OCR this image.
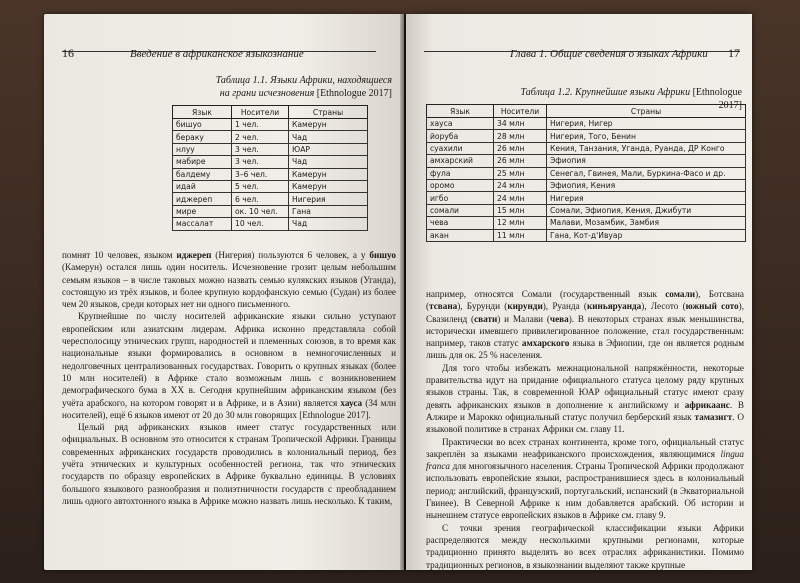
16	Введение в африканское языкознание
Таблица 1.1. Языки Африки, находящиеся
на грани исчезновения [Ethnologue 2017]
Язык	Носители	Страны
бишуо	1 чел.	Камерун
бераку	2 чел.	Чад
нлуу	3 чел.	ЮАР
мабире	3 чел.	Чад
балдему	3–6 чел.	Камерун
идай	5 чел.	Камерун
иджереп	6 чел.	Нигерия
мире	ок. 10 чел.	Гана
массалат	10 чел.	Чад

помнят 10 человек, языком иджереп (Нигерия) пользуются 6 человек, а у бишуо (Камерун) остался лишь один носитель. Исчезновение грозит целым небольшим семьям языков – в числе таковых можно назвать семью кулякских языков (Уганда), состоящую из трёх языков, и более крупную кордофанскую семью (Судан) из более чем 20 языков, среди которых нет ни одного письменного.

Крупнейшие по числу носителей африканские языки сильно уступают европейским или азиатским лидерам. Африка исконно представляла собой чересполосицу этнических групп, народностей и племенных союзов, в то время как национальные языки формировались в основном в немногочисленных и недолговечных централизованных государствах. Говорить о крупных языках (более 10 млн носителей) в Африке стало возможным лишь с возникновением демографического бума в XX в. Сегодня крупнейшим африканским языком (без учёта арабского, на котором говорят и в Африке, и в Азии) является хауса (34 млн носителей), ещё 6 языков имеют от 20 до 30 млн говорящих [Ethnologue 2017].

Целый ряд африканских языков имеет статус государственных или официальных. В основном это относится к странам Тропической Африки. Границы современных африканских государств проводились в колониальный период, без учёта этнических и культурных особенностей региона, так что этнических государств по образцу европейских в Африке буквально единицы. В условиях большого языкового разнообразия и полиэтничности государств с преобладанием лишь одного автохтонного языка в Африке можно назвать лишь несколько. К таким,

Глава 1. Общие сведения о языках Африки 17
Таблица 1.2. Крупнейшие языки Африки [Ethnologue 2017]
Язык	Носители	Страны
хауса	34 млн	Нигерия, Нигер
йоруба	28 млн	Нигерия, Того, Бенин
суахили	26 млн	Кения, Танзания, Уганда, Руанда, ДР Конго
амхарский	26 млн	Эфиопия
фула	25 млн	Сенегал, Гвинея, Мали, Буркина-Фасо и др.
оромо	24 млн	Эфиопия, Кения
игбо	24 млн	Нигерия
сомали	15 млн	Сомали, Эфиопия, Кения, Джибути
чева	12 млн	Малави, Мозамбик, Замбия
акан	11 млн	Гана, Кот-д'Ивуар

например, относятся Сомали (государственный язык сомали), Ботсвана (тсвана), Бурунди (кирунди), Руанда (киньяруанда), Лесото (южный сото), Свазиленд (свати) и Малави (чева). В некоторых странах язык меньшинства, исторически имевшего привилегированное положение, стал государственным: например, таков статус амхарского языка в Эфиопии, где он является родным лишь для ок. 25 % населения.

Для того чтобы избежать межнациональной напряжённости, некоторые правительства идут на придание официального статуса целому ряду крупных языков страны. Так, в современной ЮАР официальный статус имеют сразу девять африканских языков в дополнение к английскому и африкаанс. В Алжире и Марокко официальный статус получил берберский язык тамазигт. О языковой политике в странах Африки см. главу 11.

Практически во всех странах континента, кроме того, официальный статус закреплён за языками неафриканского происхождения, являющимися lingua franca для многоязычного населения. Страны Тропической Африки продолжают использовать европейские языки, распространившиеся здесь в колониальный период: английский, французский, португальский, испанский (в Экваториальной Гвинее). В Северной Африке к ним добавляется арабский. Об истории и нынешнем статусе европейских языков в Африке см. главу 9.

С точки зрения географической классификации языки Африки распределяются между несколькими крупными регионами, которые традиционно принято выделять во всех отраслях африканистики. Помимо традиционных регионов, в языкознании выделяют также крупные
